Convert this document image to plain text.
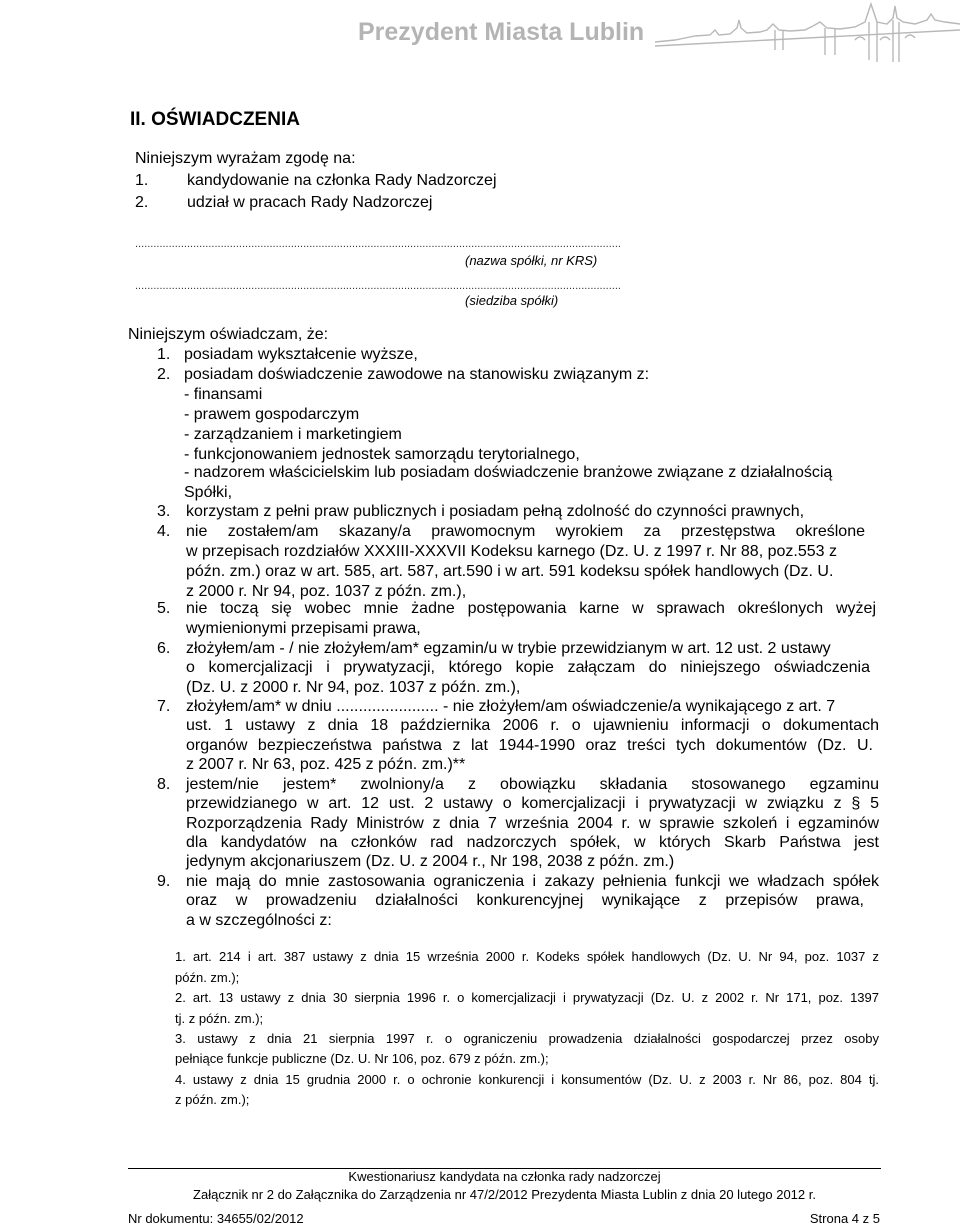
Prezydent Miasta Lublin
II. OŚWIADCZENIA
Niniejszym wyrażam zgodę na:
1. kandydowanie na członka Rady Nadzorczej
2. udział w pracach Rady Nadzorczej
...............................................................................................................................................................
(nazwa spółki, nr KRS)
...............................................................................................................................................................
(siedziba spółki)
Niniejszym oświadczam, że:
1. posiadam wykształcenie wyższe,
2. posiadam doświadczenie zawodowe na stanowisku związanym z:
- finansami
- prawem gospodarczym
- zarządzaniem i marketingiem
- funkcjonowaniem jednostek samorządu terytorialnego,
- nadzorem właścicielskim lub posiadam doświadczenie branżowe związane z działalnością
Spółki,
3. korzystam z pełni praw publicznych i posiadam pełną zdolność do czynności prawnych,
4. nie zostałem/am skazany/a prawomocnym wyrokiem za przestępstwa określone
w przepisach rozdziałów XXXIII-XXXVII Kodeksu karnego (Dz. U. z 1997 r. Nr 88, poz.553 z
późn. zm.) oraz w art. 585, art. 587, art.590 i w art. 591 kodeksu spółek handlowych (Dz. U.
z 2000 r. Nr 94, poz. 1037 z późn. zm.),
5. nie toczą się wobec mnie żadne postępowania karne w sprawach określonych wyżej
wymienionymi przepisami prawa,
6. złożyłem/am - / nie złożyłem/am* egzamin/u w trybie przewidzianym w art. 12 ust. 2 ustawy
o komercjalizacji i prywatyzacji, którego kopie załączam do niniejszego oświadczenia
(Dz. U. z 2000 r. Nr 94, poz. 1037 z późn. zm.),
7. złożyłem/am* w dniu ....................... - nie złożyłem/am oświadczenie/a wynikającego z art. 7
ust. 1 ustawy z dnia 18 października 2006 r. o ujawnieniu informacji o dokumentach
organów bezpieczeństwa państwa z lat 1944-1990 oraz treści tych dokumentów (Dz. U.
z 2007 r. Nr 63, poz. 425 z późn. zm.)**
8. jestem/nie jestem* zwolniony/a z obowiązku składania stosowanego egzaminu
przewidzianego w art. 12 ust. 2 ustawy o komercjalizacji i prywatyzacji w związku z § 5
Rozporządzenia Rady Ministrów z dnia 7 września 2004 r. w sprawie szkoleń i egzaminów
dla kandydatów na członków rad nadzorczych spółek, w których Skarb Państwa jest
jedynym akcjonariuszem (Dz. U. z 2004 r., Nr 198, 2038 z późn. zm.)
9. nie mają do mnie zastosowania ograniczenia i zakazy pełnienia funkcji we władzach spółek
oraz w prowadzeniu działalności konkurencyjnej wynikające z przepisów prawa,
a w szczególności z:
1. art. 214 i art. 387 ustawy z dnia 15 września 2000 r. Kodeks spółek handlowych (Dz. U. Nr 94, poz. 1037 z
późn. zm.);
2. art. 13 ustawy z dnia 30 sierpnia 1996 r. o komercjalizacji i prywatyzacji (Dz. U. z 2002 r. Nr 171, poz. 1397
tj. z późn. zm.);
3. ustawy z dnia 21 sierpnia 1997 r. o ograniczeniu prowadzenia działalności gospodarczej przez osoby
pełniące funkcje publiczne (Dz. U. Nr 106, poz. 679 z późn. zm.);
4. ustawy z dnia 15 grudnia 2000 r. o ochronie konkurencji i konsumentów (Dz. U. z 2003 r. Nr 86, poz. 804 tj.
z późn. zm.);
Kwestionariusz kandydata na członka rady nadzorczej
Załącznik nr 2 do Załącznika do Zarządzenia nr 47/2/2012 Prezydenta Miasta Lublin z dnia 20 lutego 2012 r.
Nr dokumentu: 34655/02/2012	Strona 4 z 5
